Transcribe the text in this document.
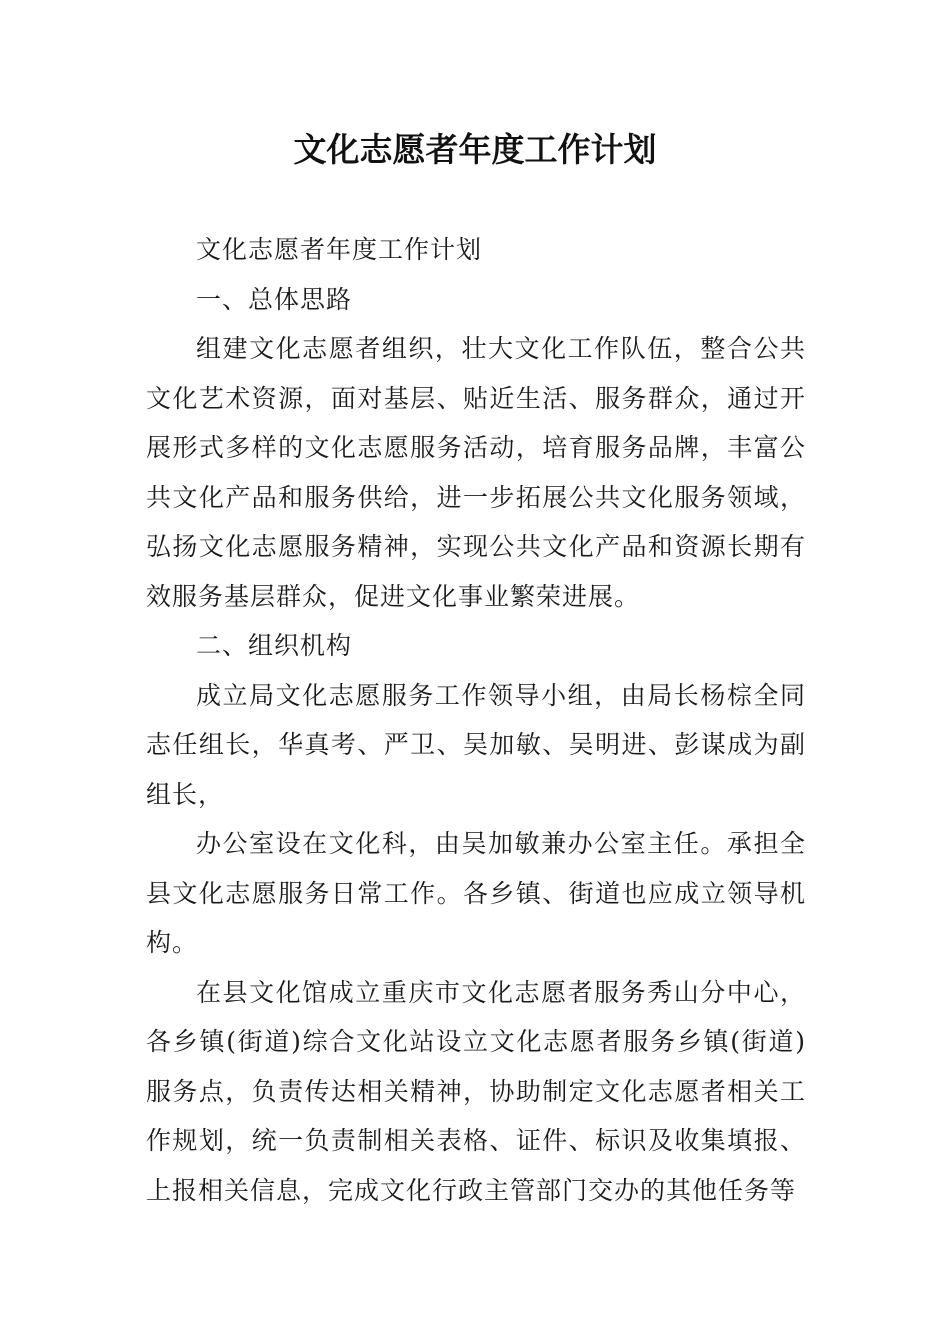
文化志愿者年度工作计划

文化志愿者年度工作计划

一、总体思路

组建文化志愿者组织，壮大文化工作队伍，整合公共文化艺术资源，面对基层、贴近生活、服务群众，通过开展形式多样的文化志愿服务活动，培育服务品牌，丰富公共文化产品和服务供给，进一步拓展公共文化服务领域，弘扬文化志愿服务精神，实现公共文化产品和资源长期有效服务基层群众，促进文化事业繁荣进展。

二、组织机构

成立局文化志愿服务工作领导小组，由局长杨棕全同志任组长，华真考、严卫、吴加敏、吴明进、彭谋成为副组长，

办公室设在文化科，由吴加敏兼办公室主任。承担全县文化志愿服务日常工作。各乡镇、街道也应成立领导机构。

在县文化馆成立重庆市文化志愿者服务秀山分中心，各乡镇(街道)综合文化站设立文化志愿者服务乡镇(街道)服务点，负责传达相关精神，协助制定文化志愿者相关工作规划，统一负责制相关表格、证件、标识及收集填报、上报相关信息，完成文化行政主管部门交办的其他任务等
